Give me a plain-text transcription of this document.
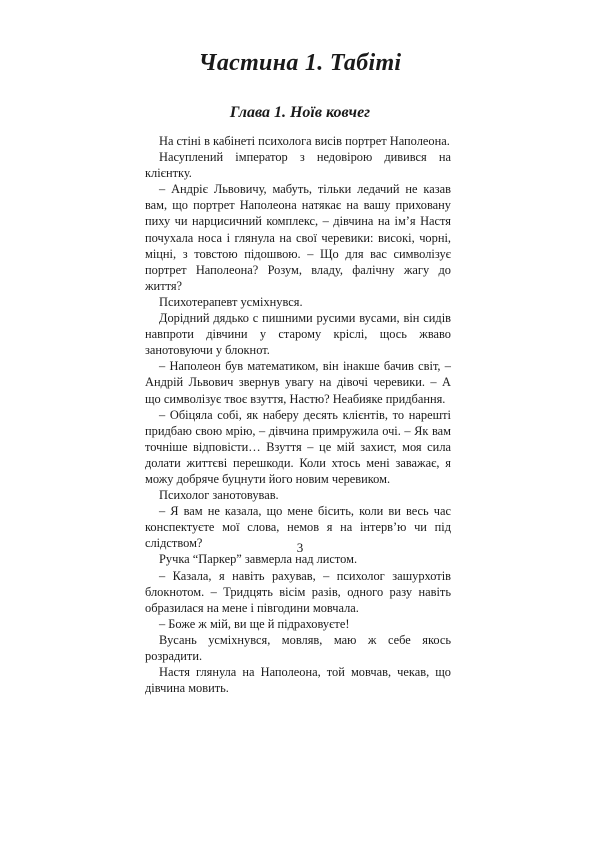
Частина 1. Табіті
Глава 1. Ноїв ковчег

На стіні в кабінеті психолога висів портрет Наполеона.

Насуплений імператор з недовірою дивився на клієнтку.

– Андріє Львовичу, мабуть, тільки ледачий не казав вам, що портрет Наполеона натякає на вашу приховану пиху чи нарцисичний комплекс, – дівчина на ім’я Настя почухала носа і глянула на свої черевики: високі, чорні, міцні, з товстою підошвою. – Що для вас символізує портрет Наполеона? Розум, владу, фалічну жагу до життя?

Психотерапевт усміхнувся.

Дорідний дядько с пишними русими вусами, він сидів навпроти дівчини у старому кріслі, щось жваво занотовуючи у блокнот.

– Наполеон був математиком, він інакше бачив світ, – Андрій Львович звернув увагу на дівочі черевики. – А що символізує твоє взуття, Настю? Неабияке придбання.

– Обіцяла собі, як наберу десять клієнтів, то нарешті придбаю свою мрію, – дівчина примружила очі. – Як вам точніше відповісти… Взуття – це мій захист, моя сила долати життєві перешкоди. Коли хтось мені заважає, я можу добряче буцнути його новим черевиком.

Психолог занотовував.

– Я вам не казала, що мене бісить, коли ви весь час конспектуєте мої слова, немов я на інтерв’ю чи під слідством?

Ручка “Паркер” завмерла над листом.

– Казала, я навіть рахував, – психолог зашурхотів блокнотом. – Тридцять вісім разів, одного разу навіть образилася на мене і півгодини мовчала.

– Боже ж мій, ви ще й підраховуєте!

Вусань усміхнувся, мовляв, маю ж себе якось розрадити.

Настя глянула на Наполеона, той мовчав, чекав, що дівчина мовить.

3
